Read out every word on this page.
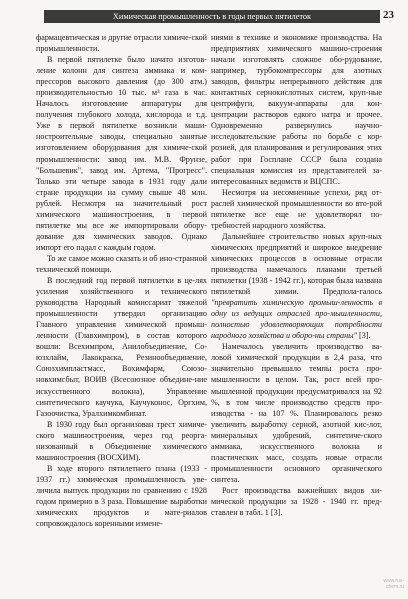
Химическая промышленность в годы первых пятилеток	23

фармацевтическая и другие отрасли химиче-ской промышленности.

В первой пятилетке было начато изготов-ление колонн для синтеза аммиака и ком-прессоров высокого давления (до 300 атм.) производительностью 10 тыс. м³ газа в час. Началось изготовление аппаратуры для получения глубокого холода, кислорода и т.д. Уже в первой пятилетке возникли маши-ностроительные заводы, специально занятые изготовлением оборудования для химиче-ской промышленности: завод им. М.В. Фрунзе, "Большевик", завод им. Артема, "Прогресс". Только эти четыре завода в 1931 году дали стране продукции на сумму свыше 48 млн. рублей. Несмотря на значительный рост химического машиностроения, в первой пятилетке мы все же импортировали обору-дование для химических заводов. Однако импорт его падал с каждым годом.

То же самое можно сказать и об ино-странной технической помощи.

В последний год первой пятилетки в це-лях усиления хозяйственного и технического руководства Народный комиссариат тяжелой промышленности утвердил организацию Главного управления химической промыш-ленности (Главхимпром), в состав которого вошли: Всехимпром, Анилобъединение, Со-юзхлайм, Лакокраска, Резинообъединение, Союзхимпластмасс, Вохимфарм, Союзо-новхимсбыт, ВОИВ (Всесоюзное объедине-ние искусственного волокна), Управление синтетического каучука, Каучуконос, Оргхим, Газоочистка, Уралхимкомбинат.

В 1930 году был организован трест химиче-ского машиностроения, через год реорга-низованный в Объединение химического машиностроения (ВОСХИМ).

В ходе второго пятилетнего плана (1933 - 1937 гг.) химическая промышленность уве-личила выпуск продукции по сравнению с 1928 годом примерно в 3 раза. Повышение выработки химических продуктов и мате-риалов сопровождалось коренными измене-

ниями в технике и экономике производства. На предприятиях химического машино-строения начали изготовлять сложное обо-рудование, например, турбокомпрессоры для азотных заводов, фильтры непрерывного действия для контактных сернокислотных систем, круп-ные центрифуги, вакуум-аппараты для кон-центрации растворов едкого натра и прочее. Одновременно развернулись научно-исследовательские работы по борьбе с кор-розией, для планирования и регулирования этих работ при Госплане СССР была создана специальная комиссия из представителей за-интересованных ведомств и ВЦСПС.

Несмотря на несомненные успехи, ряд от-раслей химической промышленности во вто-рой пятилетке все еще не удовлетворял по-требностей народного хозяйства.

Дальнейшее строительство новых круп-ных химических предприятий и широкое внедрение химических процессов в основные отрасли производства намечалось планами третьей пятилетки (1938 - 1942 гг.), которая была названа пятилеткой химии. Предпола-галось "превратить химическую промыш-ленность в одну из ведущих отраслей про-мышленности, полностью удовлетворяющих потребности народного хозяйства и оборо-ны страны" [3].

Намечалось увеличить производство ва-ловой химической продукции в 2,4 раза, что значительно превышало темпы роста про-мышленности в целом. Так, рост всей про-мышленной продукции предусматривался на 92 %, в том числе производство средств про-изводства - на 107 %. Планировалось резко увеличить выработку серной, азотной кис-лот, минеральных удобрений, синтетиче-ского аммиака, искусственного волокна и пластических масс, создать новые отрасли промышленности основного органического синтеза.

Рост производства важнейших видов хи-мической продукции за 1928 - 1940 гг. пред-ставлен в табл. 1 [3].

www.rus-
chem.ru
